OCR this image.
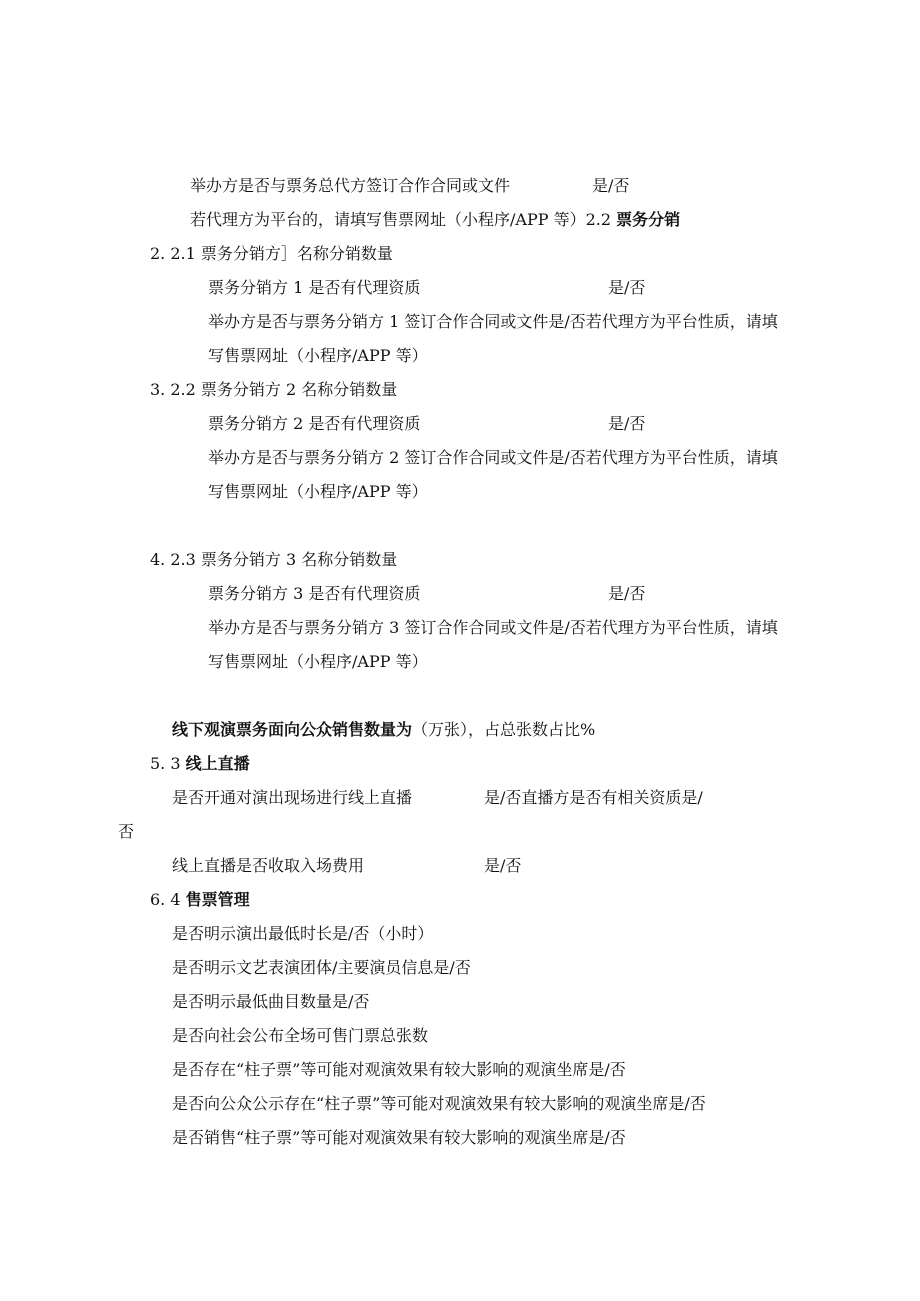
举办方是否与票务总代方签订合作合同或文件	是/否
若代理方为平台的，请填写售票网址（小程序/APP 等）2.2 票务分销
2. 2.1 票务分销方］名称分销数量
票务分销方 1 是否有代理资质	是/否
举办方是否与票务分销方 1 签订合作合同或文件是/否若代理方为平台性质，请填
写售票网址（小程序/APP 等）
3. 2.2 票务分销方 2 名称分销数量
票务分销方 2 是否有代理资质	是/否
举办方是否与票务分销方 2 签订合作合同或文件是/否若代理方为平台性质，请填
写售票网址（小程序/APP 等）
4. 2.3 票务分销方 3 名称分销数量
票务分销方 3 是否有代理资质	是/否
举办方是否与票务分销方 3 签订合作合同或文件是/否若代理方为平台性质，请填
写售票网址（小程序/APP 等）
线下观演票务面向公众销售数量为（万张），占总张数占比%
5. 3 线上直播
是否开通对演出现场进行线上直播	是/否直播方是否有相关资质是/
否
线上直播是否收取入场费用	是/否
6. 4 售票管理
是否明示演出最低时长是/否（小时）
是否明示文艺表演团体/主要演员信息是/否
是否明示最低曲目数量是/否
是否向社会公布全场可售门票总张数
是否存在“柱子票”等可能对观演效果有较大影响的观演坐席是/否
是否向公众公示存在“柱子票”等可能对观演效果有较大影响的观演坐席是/否
是否销售“柱子票”等可能对观演效果有较大影响的观演坐席是/否
